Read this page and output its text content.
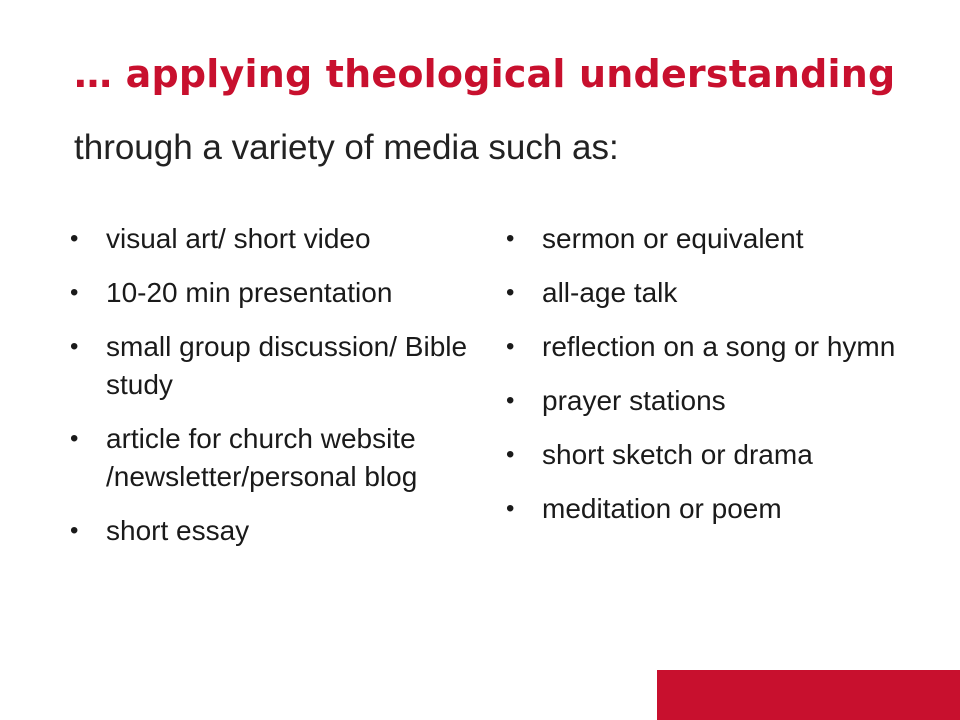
… applying theological understanding

through a variety of media such as:

• visual art/ short video
• 10-20 min presentation
• small group discussion/ Bible study
• article for church website /newsletter/personal blog
• short essay
• sermon or equivalent
• all-age talk
• reflection on a song or hymn
• prayer stations
• short sketch or drama
• meditation or poem
